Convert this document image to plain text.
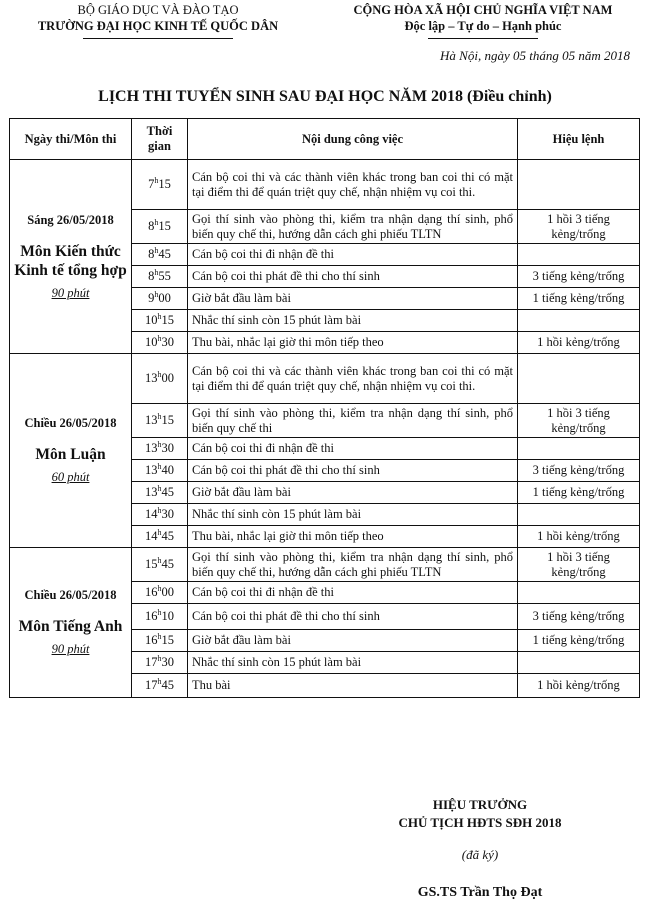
BỘ GIÁO DỤC VÀ ĐÀO TẠO
TRƯỜNG ĐẠI HỌC KINH TẾ QUỐC DÂN
CỘNG HÒA XÃ HỘI CHỦ NGHĨA VIỆT NAM
Độc lập – Tự do – Hạnh phúc
Hà Nội, ngày 05 tháng 05 năm 2018
LỊCH THI TUYỂN SINH SAU ĐẠI HỌC NĂM 2018 (Điều chỉnh)
Ngày thi/Môn thi	Thời gian	Nội dung công việc	Hiệu lệnh

Sáng 26/05/2018
Môn Kiến thức Kinh tế tổng hợp
90 phút	7$^h$15	Cán bộ coi thi và các thành viên khác trong ban coi thi có mặt tại điểm thi để quán triệt quy chế, nhận nhiệm vụ coi thi.	
	8$^h$15	Gọi thí sinh vào phòng thi, kiểm tra nhận dạng thí sinh, phổ biến quy chế thi, hướng dẫn cách ghi phiếu TLTN	1 hồi 3 tiếng kẻng/trống
	8$^h$45	Cán bộ coi thi đi nhận đề thi	
	8$^h$55	Cán bộ coi thi phát đề thi cho thí sinh	3 tiếng kẻng/trống
	9$^h$00	Giờ bắt đầu làm bài	1 tiếng kẻng/trống
	10$^h$15	Nhắc thí sinh còn 15 phút làm bài	
	10$^h$30	Thu bài, nhắc lại giờ thi môn tiếp theo	1 hồi kẻng/trống

Chiều 26/05/2018
Môn Luận
60 phút	13$^h$00	Cán bộ coi thi và các thành viên khác trong ban coi thi có mặt tại điểm thi để quán triệt quy chế, nhận nhiệm vụ coi thi.	
	13$^h$15	Gọi thí sinh vào phòng thi, kiểm tra nhận dạng thí sinh, phổ biến quy chế thi	1 hồi 3 tiếng kẻng/trống
	13$^h$30	Cán bộ coi thi đi nhận đề thi	
	13$^h$40	Cán bộ coi thi phát đề thi cho thí sinh	3 tiếng kẻng/trống
	13$^h$45	Giờ bắt đầu làm bài	1 tiếng kẻng/trống
	14$^h$30	Nhắc thí sinh còn 15 phút làm bài	
	14$^h$45	Thu bài, nhắc lại giờ thi môn tiếp theo	1 hồi kẻng/trống

Chiều 26/05/2018
Môn Tiếng Anh
90 phút	15$^h$45	Gọi thí sinh vào phòng thi, kiểm tra nhận dạng thí sinh, phổ biến quy chế thi, hướng dẫn cách ghi phiếu TLTN	1 hồi 3 tiếng kẻng/trống
	16$^h$00	Cán bộ coi thi đi nhận đề thi	
	16$^h$10	Cán bộ coi thi phát đề thi cho thí sinh	3 tiếng kẻng/trống
	16$^h$15	Giờ bắt đầu làm bài	1 tiếng kẻng/trống
	17$^h$30	Nhắc thí sinh còn 15 phút làm bài	
	17$^h$45	Thu bài	1 hồi kẻng/trống
HIỆU TRƯỞNG
CHỦ TỊCH HĐTS SĐH 2018
(đã ký)
GS.TS Trần Thọ Đạt
